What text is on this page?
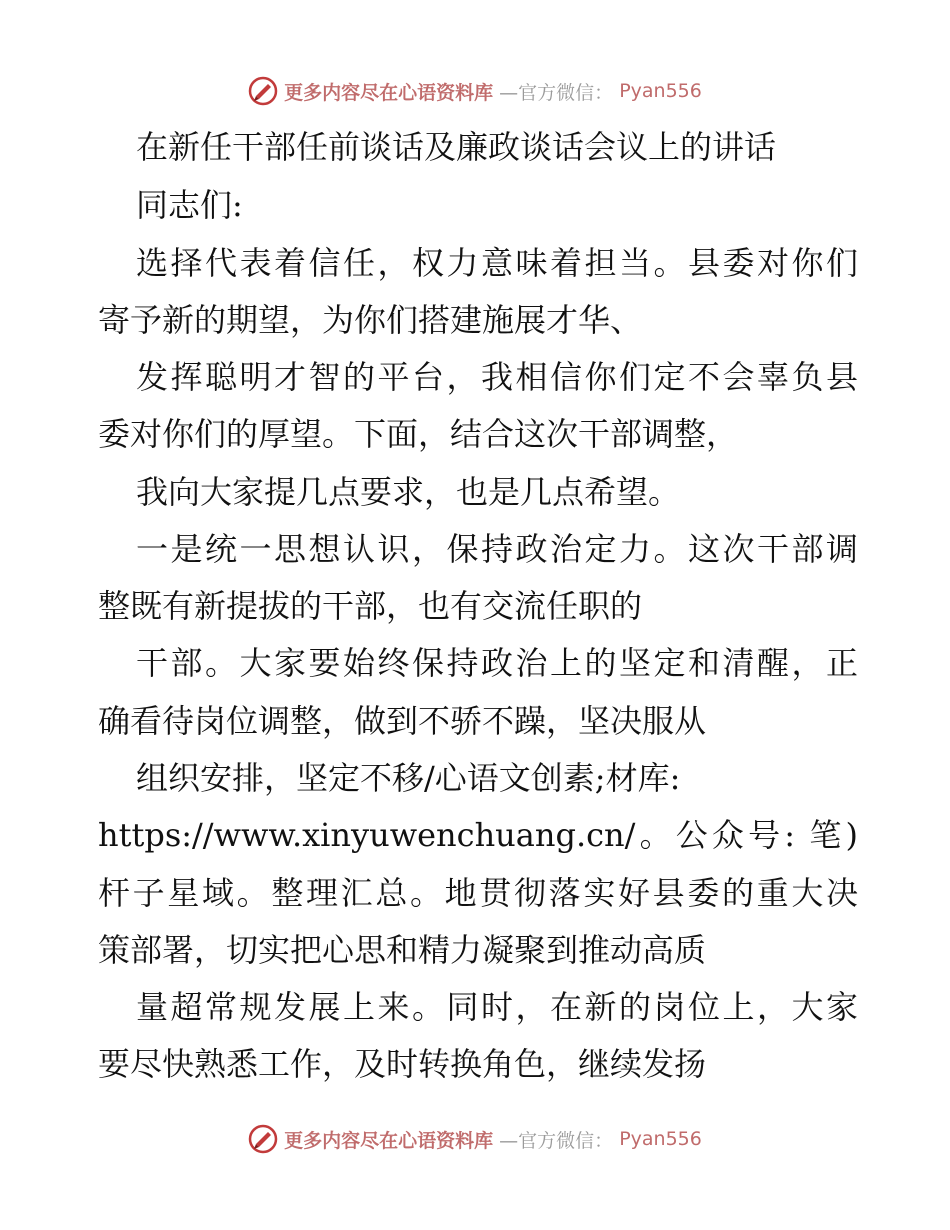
更多内容尽在心语资料库 —官方微信： Pyan556
在新任干部任前谈话及廉政谈话会议上的讲话
同志们:
选择代表着信任，权力意味着担当。县委对你们
寄予新的期望，为你们搭建施展才华、
发挥聪明才智的平台，我相信你们定不会辜负县
委对你们的厚望。下面，结合这次干部调整，
我向大家提几点要求，也是几点希望。
一是统一思想认识，保持政治定力。这次干部调
整既有新提拔的干部，也有交流任职的
干部。大家要始终保持政治上的坚定和清醒，正
确看待岗位调整，做到不骄不躁，坚决服从
组织安排，坚定不移/心语文创素;材库:
https://www.xinyuwenchuang.cn/。公众号: 笔)
杆子星域。整理汇总。地贯彻落实好县委的重大决
策部署，切实把心思和精力凝聚到推动高质
量超常规发展上来。同时，在新的岗位上，大家
要尽快熟悉工作，及时转换角色，继续发扬
更多内容尽在心语资料库 —官方微信： Pyan556
